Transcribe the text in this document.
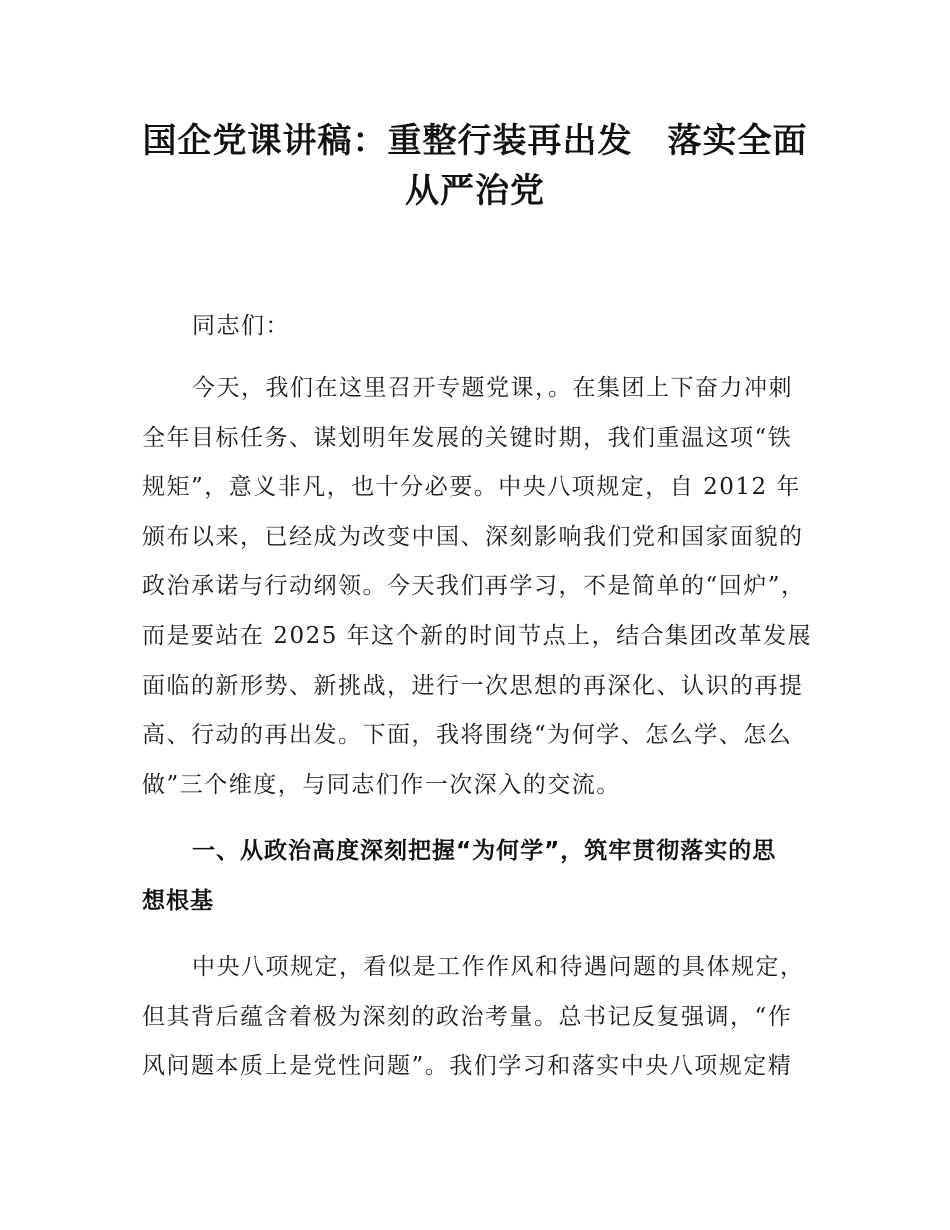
国企党课讲稿：重整行装再出发　落实全面
从严治党
同志们：
今天，我们在这里召开专题党课，。在集团上下奋力冲刺
全年目标任务、谋划明年发展的关键时期，我们重温这项“铁
规矩”，意义非凡，也十分必要。中央八项规定，自 2012 年
颁布以来，已经成为改变中国、深刻影响我们党和国家面貌的
政治承诺与行动纲领。今天我们再学习，不是简单的“回炉”，
而是要站在 2025 年这个新的时间节点上，结合集团改革发展
面临的新形势、新挑战，进行一次思想的再深化、认识的再提
高、行动的再出发。下面，我将围绕“为何学、怎么学、怎么
做”三个维度，与同志们作一次深入的交流。
一、从政治高度深刻把握“为何学”，筑牢贯彻落实的思
想根基
中央八项规定，看似是工作作风和待遇问题的具体规定，
但其背后蕴含着极为深刻的政治考量。总书记反复强调，“作
风问题本质上是党性问题”。我们学习和落实中央八项规定精
